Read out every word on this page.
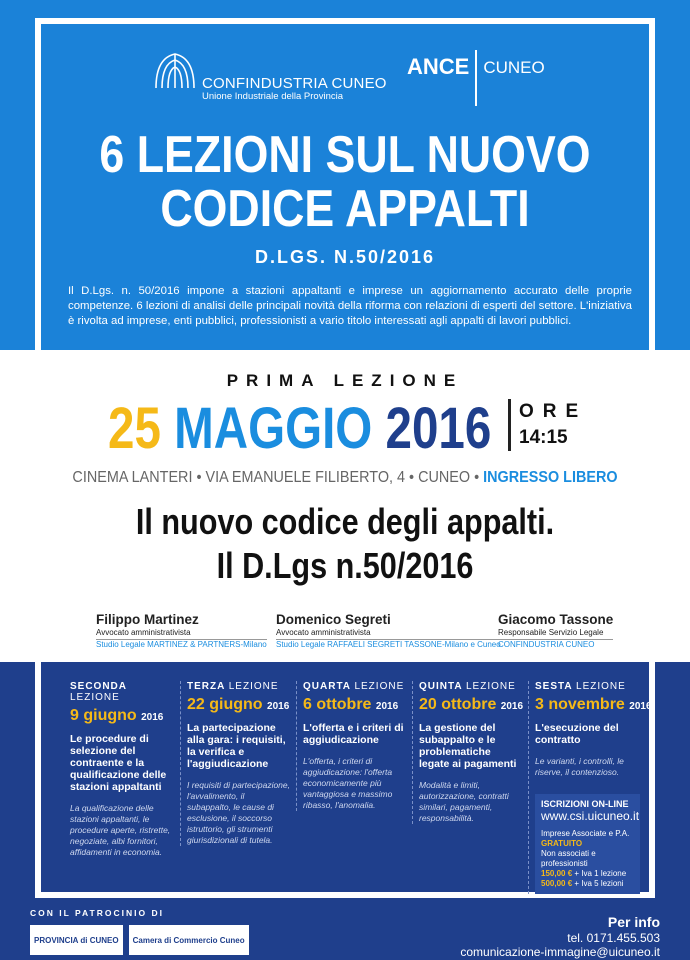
CONFINDUSTRIA CUNEO
Unione Industriale della Provincia
ANCE CUNEO
6 LEZIONI SUL NUOVO
CODICE APPALTI
D.LGS. N.50/2016
Il D.Lgs. n. 50/2016 impone a stazioni appaltanti e imprese un aggiornamento accurato delle proprie competenze. 6 lezioni di analisi delle principali novità della riforma con relazioni di esperti del settore. L'iniziativa è rivolta ad imprese, enti pubblici, professionisti a vario titolo interessati agli appalti di lavori pubblici.
PRIMA LEZIONE
25 MAGGIO 2016 ORE
14:15
CINEMA LANTERI • VIA EMANUELE FILIBERTO, 4 • CUNEO • INGRESSO LIBERO
Il nuovo codice degli appalti.
Il D.Lgs n.50/2016
Filippo Martinez
Avvocato amministrativista
Studio Legale MARTINEZ & PARTNERS-Milano
Domenico Segreti
Avvocato amministrativista
Studio Legale RAFFAELI SEGRETI TASSONE-Milano e Cuneo
Giacomo Tassone
Responsabile Servizio Legale
CONFINDUSTRIA CUNEO
SECONDA LEZIONE
9 giugno 2016
Le procedure di selezione del contraente e la qualificazione delle stazioni appaltanti
La qualificazione delle stazioni appaltanti, le procedure aperte, ristrette, negoziate, albi fornitori, affidamenti in economia.
TERZA LEZIONE
22 giugno 2016
La partecipazione alla gara: i requisiti, la verifica e l'aggiudicazione
I requisiti di partecipazione, l'avvalimento, il subappalto, le cause di esclusione, il soccorso istruttorio, gli strumenti giurisdizionali di tutela.
QUARTA LEZIONE
6 ottobre 2016
L'offerta e i criteri di aggiudicazione
L'offerta, i criteri di aggiudicazione: l'offerta economicamente più vantaggiosa e massimo ribasso, l'anomalia.
QUINTA LEZIONE
20 ottobre 2016
La gestione del subappalto e le problematiche legate ai pagamenti
Modalità e limiti, autorizzazione, contratti similari, pagamenti, responsabilità.
SESTA LEZIONE
3 novembre 2016
L'esecuzione del contratto
Le varianti, i controlli, le riserve, il contenzioso.
ISCRIZIONI ON-LINE
www.csi.uicuneo.it
Imprese Associate e P.A.
GRATUITO
Non associati e professionisti
150,00 € + Iva 1 lezione
500,00 € + Iva 5 lezioni
CON IL PATROCINIO DI
PROVINCIA di CUNEO	Camera di Commercio Cuneo
Per info
tel. 0171.455.503
comunicazione-immagine@uicuneo.it
